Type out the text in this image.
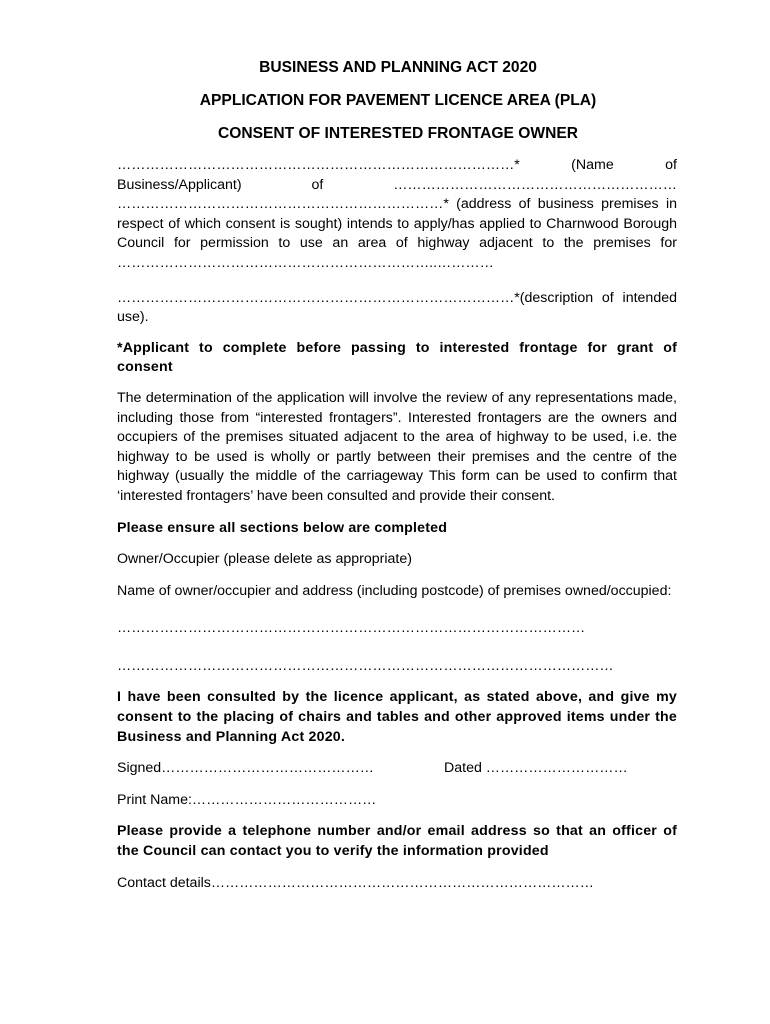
BUSINESS AND PLANNING ACT 2020
APPLICATION FOR PAVEMENT LICENCE AREA (PLA)
CONSENT OF INTERESTED FRONTAGE OWNER

…………………………………………………………………………* (Name of Business/Applicant) of …………………………………………………… ……………………………………………………………* (address of business premises in respect of which consent is sought) intends to apply/has applied to Charnwood Borough Council for permission to use an area of highway adjacent to the premises for …………………………………………………………..…………

…………………………………………………………………………*(description of intended use).

*Applicant to complete before passing to interested frontage for grant of consent

The determination of the application will involve the review of any representations made, including those from “interested frontagers”. Interested frontagers are the owners and occupiers of the premises situated adjacent to the area of highway to be used, i.e. the highway to be used is wholly or partly between their premises and the centre of the highway (usually the middle of the carriageway This form can be used to confirm that ‘interested frontagers’ have been consulted and provide their consent.

Please ensure all sections below are completed

Owner/Occupier (please delete as appropriate)

Name of owner/occupier and address (including postcode) of premises owned/occupied:

………………………………………………………………………………………

……………………………………………………………………………………………

I have been consulted by the licence applicant, as stated above, and give my consent to the placing of chairs and tables and other approved items under the Business and Planning Act 2020.

Signed………………………………………	Dated …………………………

Print Name:…………………………………

Please provide a telephone number and/or email address so that an officer of the Council can contact you to verify the information provided

Contact details………………………………………………………………………
